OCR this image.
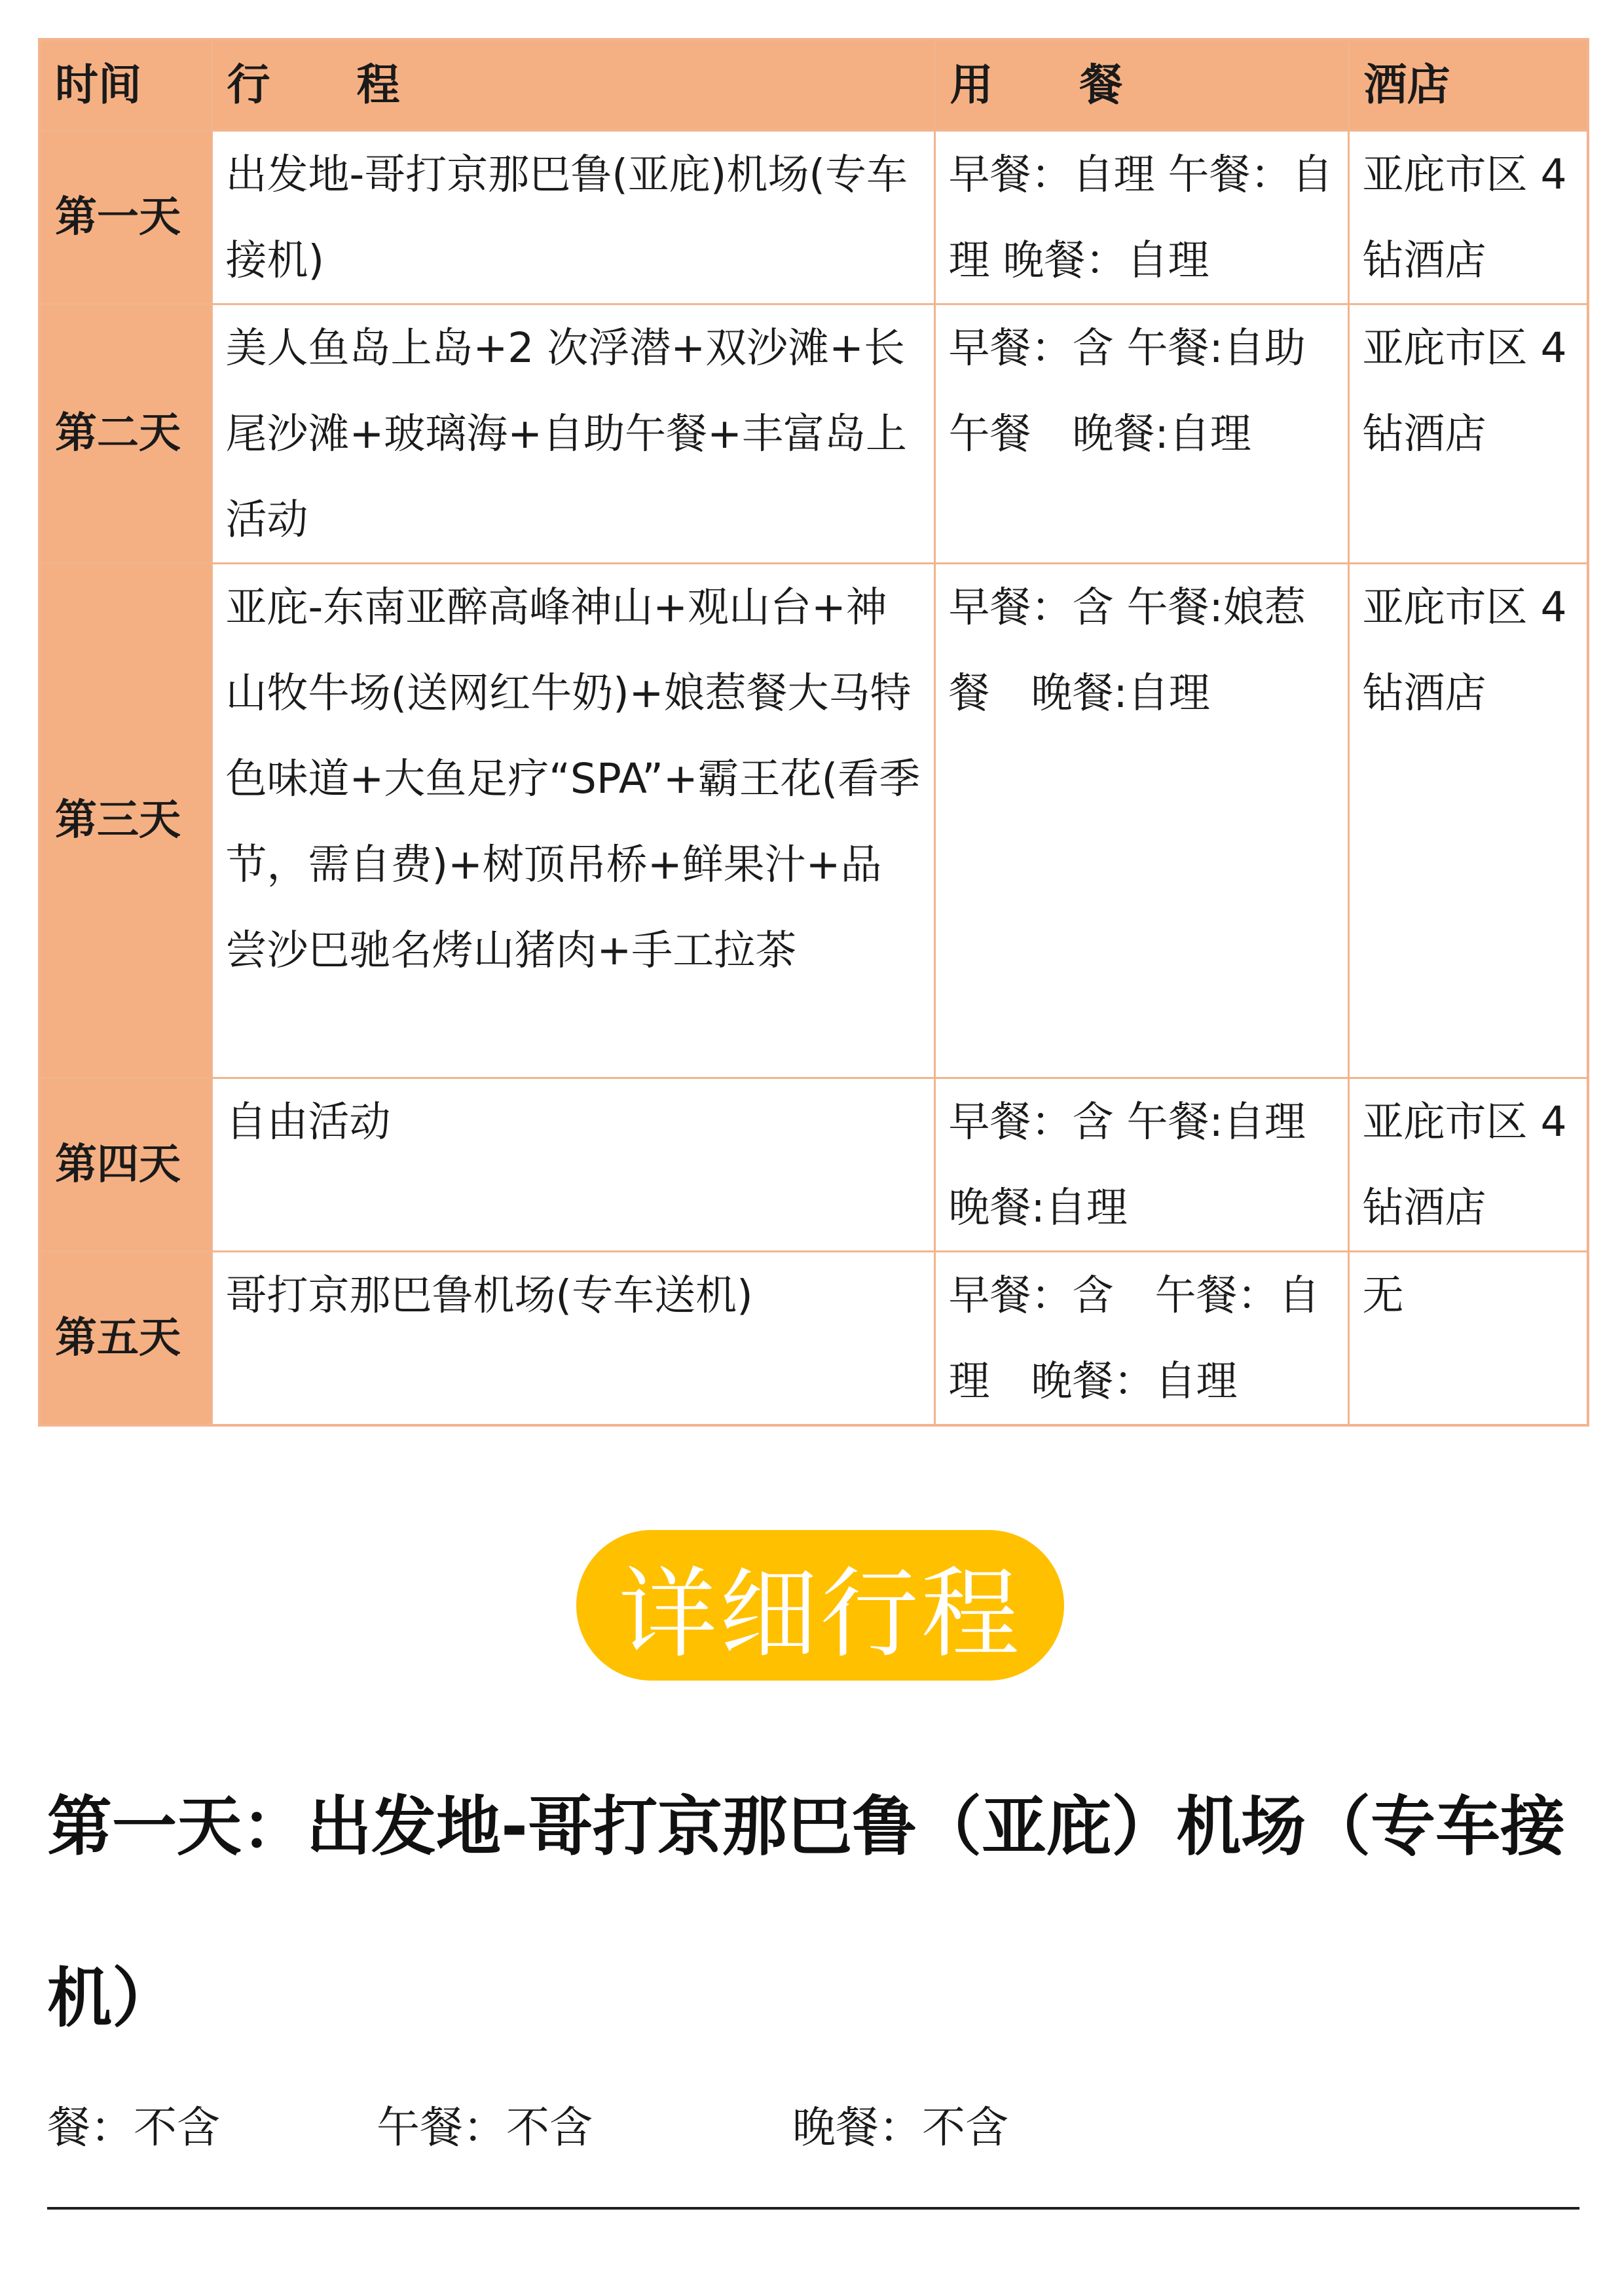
时间	行　　程	用　　餐	酒店
第一天	出发地-哥打京那巴鲁(亚庇)机场(专车接机)	早餐：自理 午餐：自理 晚餐：自理	亚庇市区 4 钻酒店
第二天	美人鱼岛上岛+2 次浮潜+双沙滩+长尾沙滩+玻璃海+自助午餐+丰富岛上活动	早餐：含 午餐:自助午餐　晚餐:自理	亚庇市区 4 钻酒店
第三天	亚庇-东南亚醉高峰神山+观山台+神山牧牛场(送网红牛奶)+娘惹餐大马特色味道+大鱼足疗“SPA”+霸王花(看季节，需自费)+树顶吊桥+鲜果汁+品尝沙巴驰名烤山猪肉+手工拉茶	早餐：含 午餐:娘惹餐　晚餐:自理	亚庇市区 4 钻酒店
第四天	自由活动	早餐：含 午餐:自理 晚餐:自理	亚庇市区 4 钻酒店
第五天	哥打京那巴鲁机场(专车送机)	早餐：含　午餐：自理　晚餐：自理	无
详细行程
第一天：出发地-哥打京那巴鲁（亚庇）机场（专车接机）
餐：不含	午餐：不含	晚餐：不含
